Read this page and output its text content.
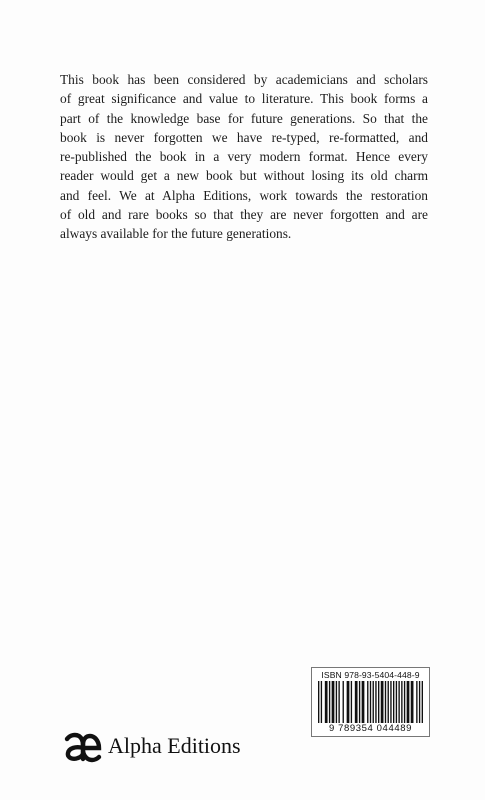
This book has been considered by academicians and scholars
of great significance and value to literature. This book forms a
part of the knowledge base for future generations. So that the
book is never forgotten we have re-typed, re-formatted, and
re-published the book in a very modern format. Hence every
reader would get a new book but without losing its old charm
and feel. We at Alpha Editions, work towards the restoration
of old and rare books so that they are never forgotten and are
always available for the future generations.

Alpha Editions
ISBN 978-93-5404-448-9
9 789354 044489
